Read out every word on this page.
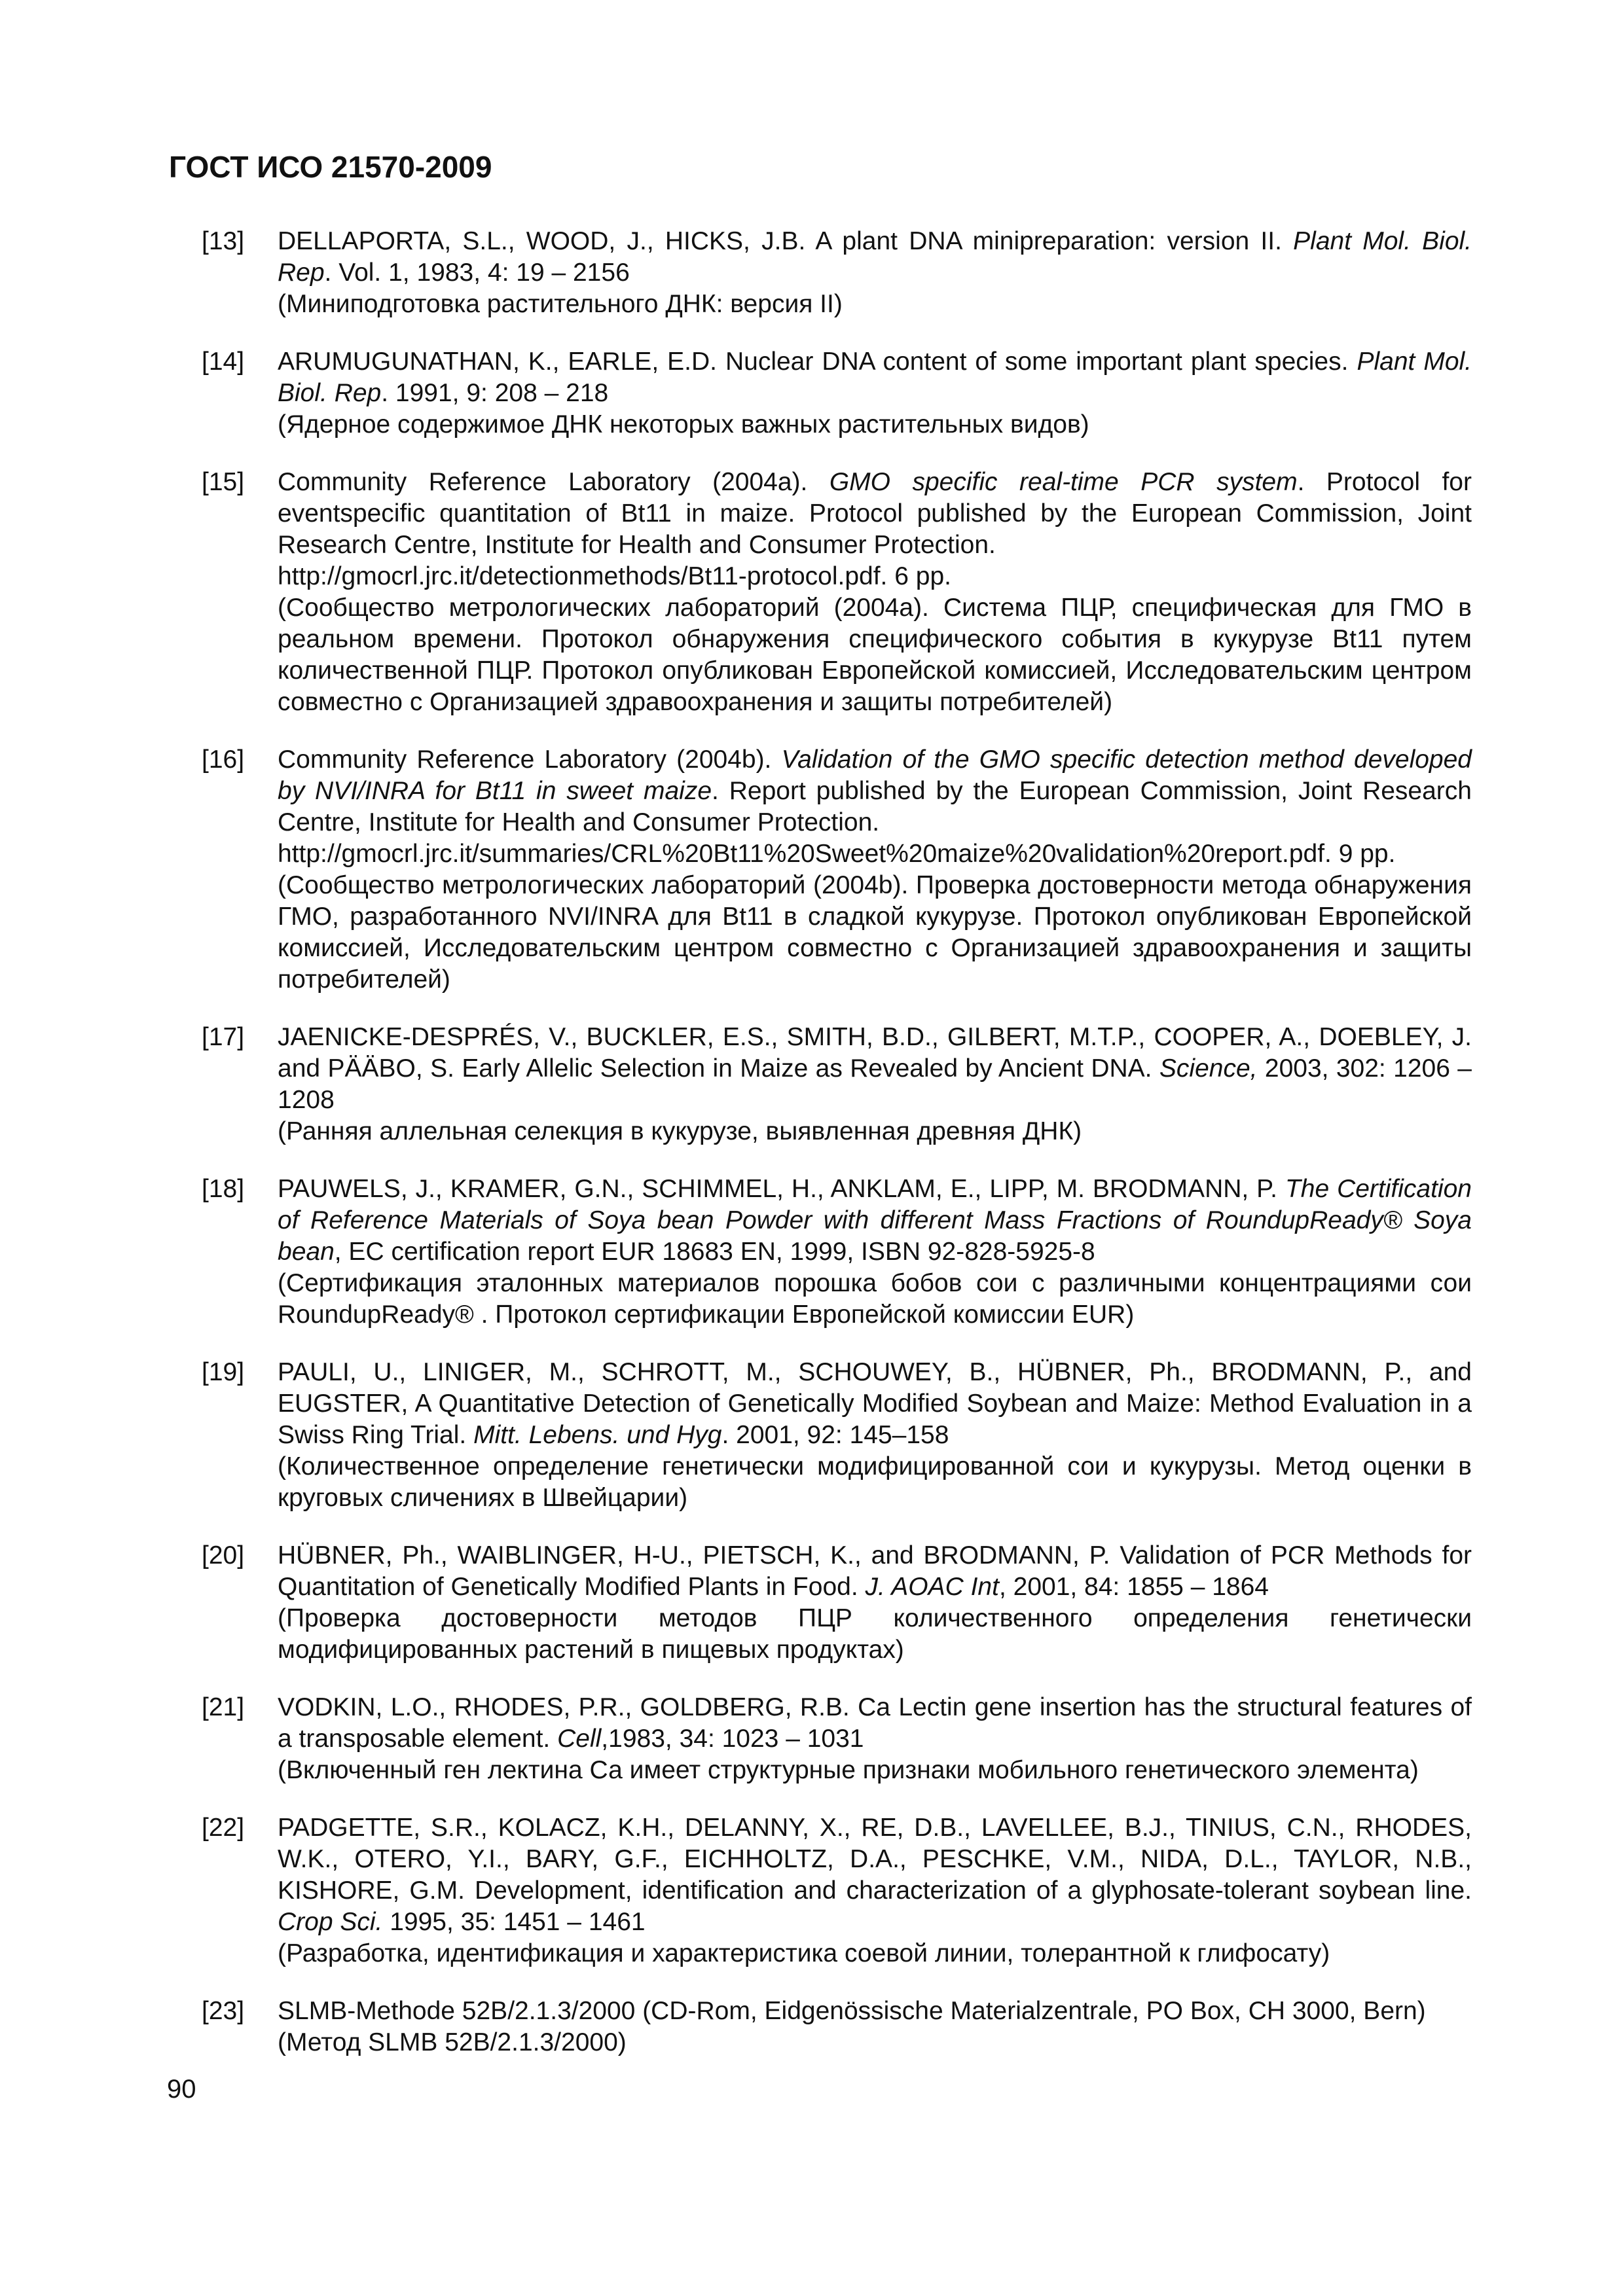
ГОСТ ИСО 21570-2009
[13]	DELLAPORTA, S.L., WOOD, J., HICKS, J.B. A plant DNA minipreparation: version II. Plant Mol. Biol. Rep. Vol. 1, 1983, 4: 19 – 2156

(Миниподготовка растительного ДНК: версия II)

[14]	ARUMUGUNATHAN, K., EARLE, E.D. Nuclear DNA content of some important plant species. Plant Mol. Biol. Rep. 1991, 9: 208 – 218

(Ядерное содержимое ДНК некоторых важных растительных видов)

[15]	Community Reference Laboratory (2004a). GMO specific real-time PCR system. Protocol for eventspecific quantitation of Bt11 in maize. Protocol published by the European Commission, Joint Research Centre, Institute for Health and Consumer Protection.

http://gmocrl.jrc.it/detectionmethods/Bt11-protocol.pdf. 6 pp.

(Сообщество метрологических лабораторий (2004а). Система ПЦР, специфическая для ГМО в реальном времени. Протокол обнаружения специфического события в кукурузе Bt11 путем количественной ПЦР. Протокол опубликован Европейской комиссией, Исследовательским центром совместно с Организацией здравоохранения и защиты потребителей)

[16]	Community Reference Laboratory (2004b). Validation of the GMO specific detection method developed by NVI/INRA for Bt11 in sweet maize. Report published by the European Commission, Joint Research Centre, Institute for Health and Consumer Protection.

http://gmocrl.jrc.it/summaries/CRL%20Bt11%20Sweet%20maize%20validation%20report.pdf. 9 pp.

(Сообщество метрологических лабораторий (2004b). Проверка достоверности метода обнаружения ГМО, разработанного NVI/INRA для Bt11 в сладкой кукурузе. Протокол опубликован Европейской комиссией, Исследовательским центром совместно с Организацией здравоохранения и защиты потребителей)

[17]	JAENICKE-DESPRÉS, V., BUCKLER, E.S., SMITH, B.D., GILBERT, M.T.P., COOPER, A., DOEBLEY, J. and PÄÄBO, S. Early Allelic Selection in Maize as Revealed by Ancient DNA. Science, 2003, 302: 1206 – 1208

(Ранняя аллельная селекция в кукурузе, выявленная древняя ДНК)

[18]	PAUWELS, J., KRAMER, G.N., SCHIMMEL, H., ANKLAM, E., LIPP, M. BRODMANN, P. The Certification of Reference Materials of Soya bean Powder with different Mass Fractions of RoundupReady® Soya bean, EC certification report EUR 18683 EN, 1999, ISBN 92-828-5925-8

(Сертификация эталонных материалов порошка бобов сои с различными концентрациями сои RoundupReady® . Протокол сертификации Европейской комиссии EUR)

[19]	PAULI, U., LINIGER, M., SCHROTT, M., SCHOUWEY, B., HÜBNER, Ph., BRODMANN, P., and EUGSTER, A Quantitative Detection of Genetically Modified Soybean and Maize: Method Evaluation in a Swiss Ring Trial. Mitt. Lebens. und Hyg. 2001, 92: 145–158

(Количественное определение генетически модифицированной сои и кукурузы. Метод оценки в круговых сличениях в Швейцарии)

[20]	HÜBNER, Ph., WAIBLINGER, H-U., PIETSCH, K., and BRODMANN, P. Validation of PCR Methods for Quantitation of Genetically Modified Plants in Food. J. AOAC Int, 2001, 84: 1855 – 1864

(Проверка достоверности методов ПЦР количественного определения генетически модифицированных растений в пищевых продуктах)

[21]	VODKIN, L.O., RHODES, P.R., GOLDBERG, R.B. Ca Lectin gene insertion has the structural features of a transposable element. Cell,1983, 34: 1023 – 1031

(Включенный ген лектина Са имеет структурные признаки мобильного генетического элемента)

[22]	PADGETTE, S.R., KOLACZ, K.H., DELANNY, X., RE, D.B., LAVELLEE, B.J., TINIUS, C.N., RHODES, W.K., OTERO, Y.I., BARY, G.F., EICHHOLTZ, D.A., PESCHKE, V.M., NIDA, D.L., TAYLOR, N.B., KISHORE, G.M. Development, identification and characterization of a glyphosate-tolerant soybean line. Crop Sci. 1995, 35: 1451 – 1461

(Разработка, идентификация и характеристика соевой линии, толерантной к глифосату)

[23]	SLMB-Methode 52B/2.1.3/2000 (CD-Rom, Eidgenössische Materialzentrale, PO Box, CH 3000, Bern)

(Метод SLMB 52B/2.1.3/2000)

90
